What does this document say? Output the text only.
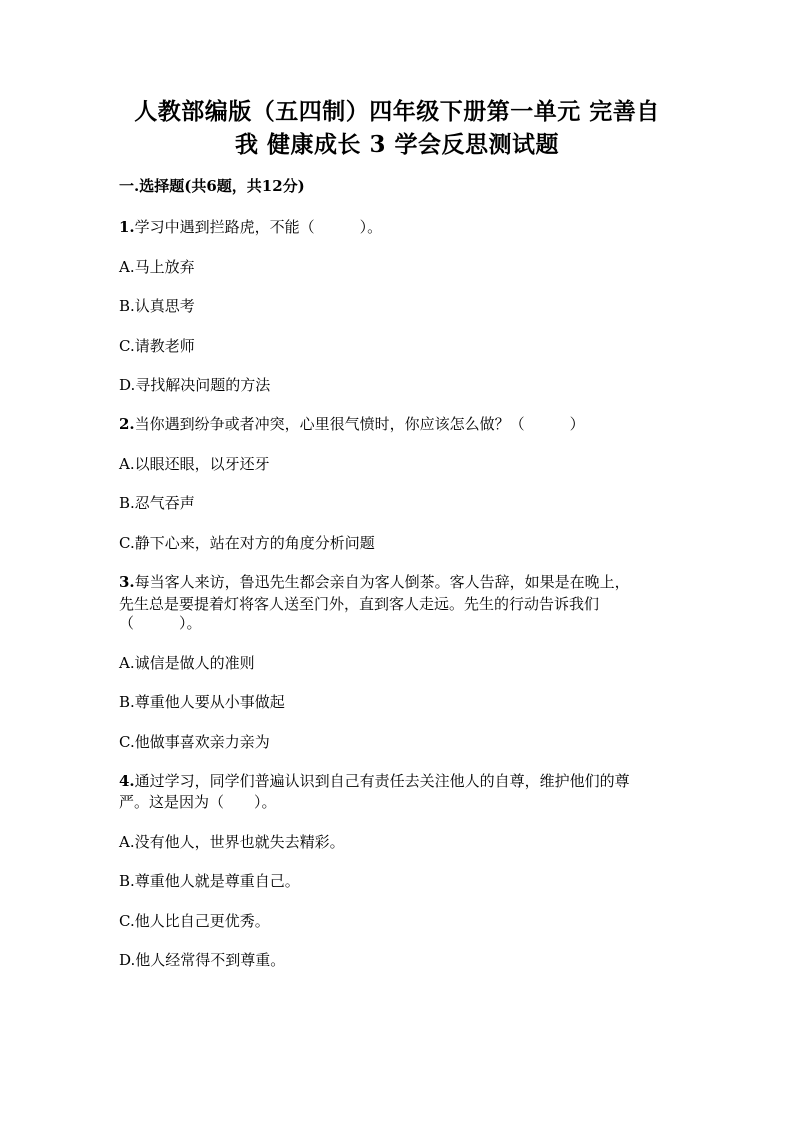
人教部编版（五四制）四年级下册第一单元 完善自
我 健康成长 3 学会反思测试题
一.选择题(共6题，共12分)
1.学习中遇到拦路虎，不能（　　　）。
A.马上放弃
B.认真思考
C.请教老师
D.寻找解决问题的方法
2.当你遇到纷争或者冲突，心里很气愤时，你应该怎么做？（　　　）
A.以眼还眼，以牙还牙
B.忍气吞声
C.静下心来，站在对方的角度分析问题
3.每当客人来访，鲁迅先生都会亲自为客人倒茶。客人告辞，如果是在晚上，
先生总是要提着灯将客人送至门外，直到客人走远。先生的行动告诉我们
（　　　）。
A.诚信是做人的准则
B.尊重他人要从小事做起
C.他做事喜欢亲力亲为
4.通过学习，同学们普遍认识到自己有责任去关注他人的自尊，维护他们的尊
严。这是因为（　　）。
A.没有他人，世界也就失去精彩。
B.尊重他人就是尊重自己。
C.他人比自己更优秀。
D.他人经常得不到尊重。
